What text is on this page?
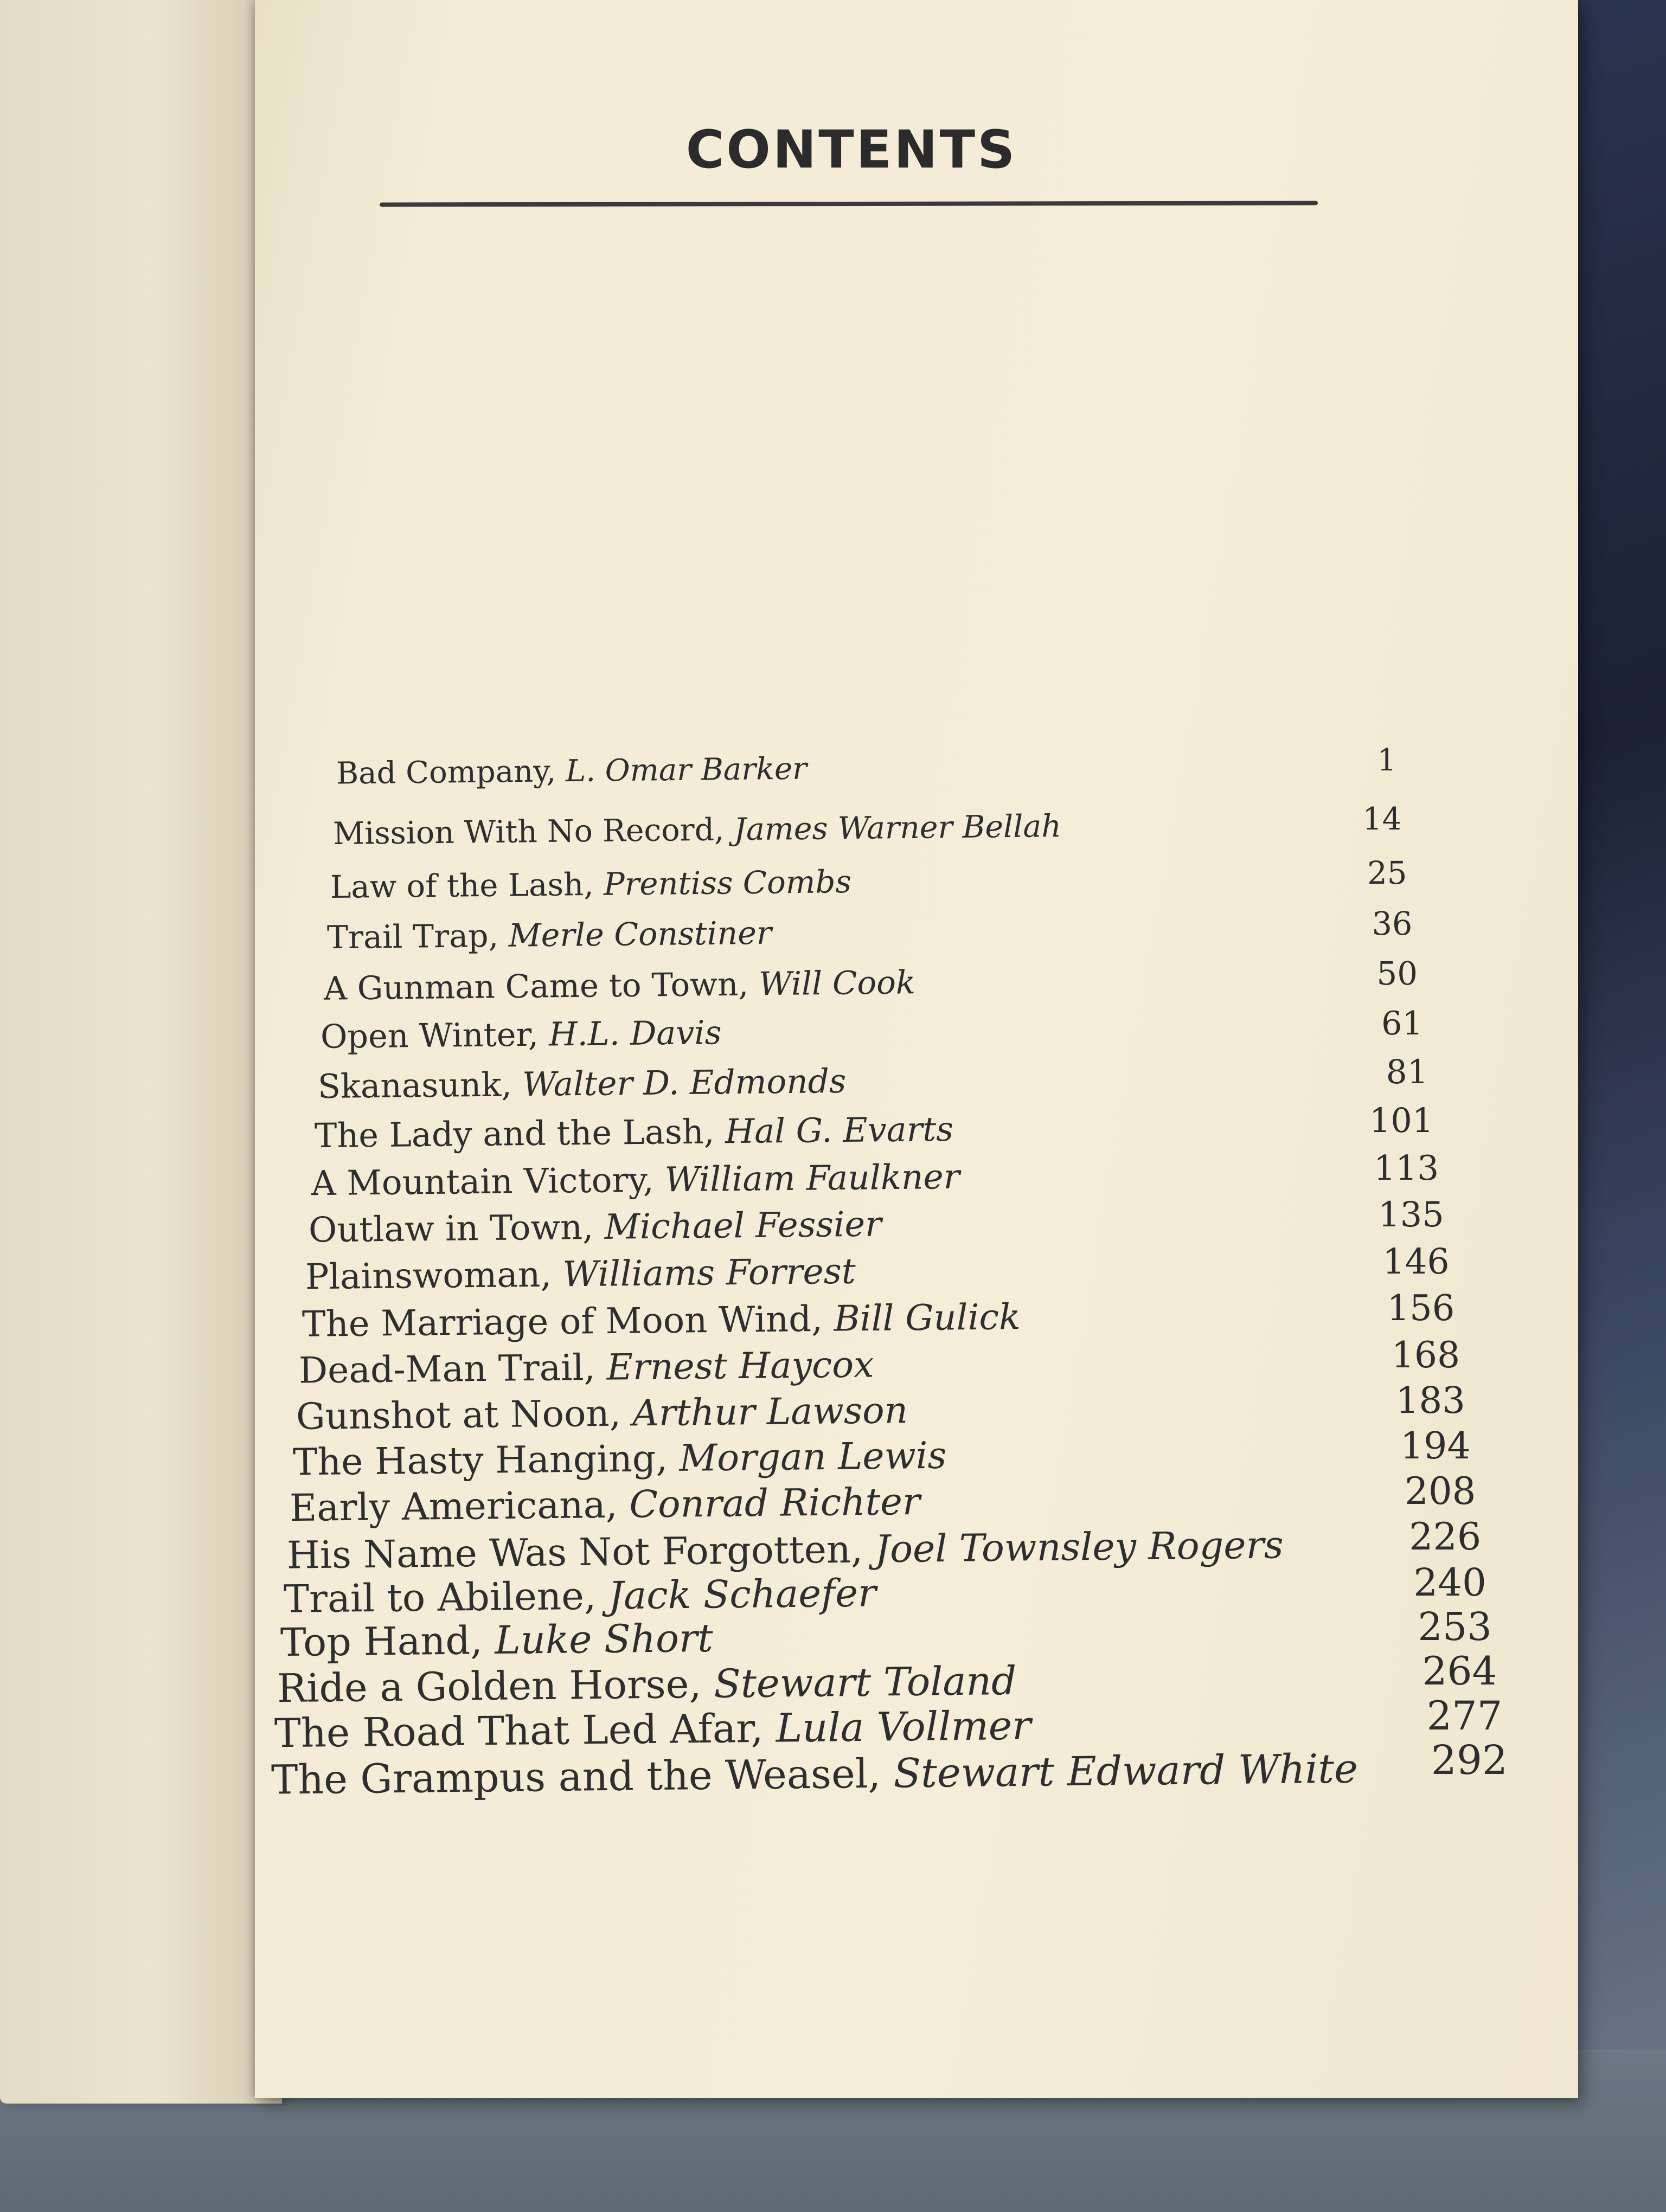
CONTENTS
Bad Company, L. Omar Barker	1
Mission With No Record, James Warner Bellah	14
Law of the Lash, Prentiss Combs	25
Trail Trap, Merle Constiner	36
A Gunman Came to Town, Will Cook	50
Open Winter, H.L. Davis	61
Skanasunk, Walter D. Edmonds	81
The Lady and the Lash, Hal G. Evarts	101
A Mountain Victory, William Faulkner	113
Outlaw in Town, Michael Fessier	135
Plainswoman, Williams Forrest	146
The Marriage of Moon Wind, Bill Gulick	156
Dead-Man Trail, Ernest Haycox	168
Gunshot at Noon, Arthur Lawson	183
The Hasty Hanging, Morgan Lewis	194
Early Americana, Conrad Richter	208
His Name Was Not Forgotten, Joel Townsley Rogers	226
Trail to Abilene, Jack Schaefer	240
Top Hand, Luke Short	253
Ride a Golden Horse, Stewart Toland	264
The Road That Led Afar, Lula Vollmer	277
The Grampus and the Weasel, Stewart Edward White	292
